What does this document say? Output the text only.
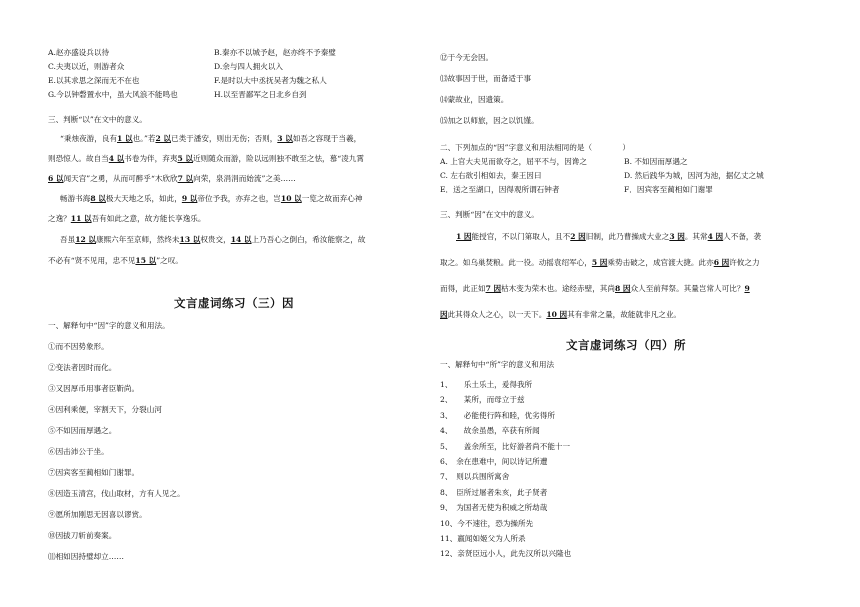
A.赵亦盛设兵以待	B.秦亦不以城予赵，赵亦终不予秦璧
C.夫夷以近，则游者众	D.余与四人拥火以入
E.以其求思之深而无不在也	F.是时以大中丞抚吴者为魏之私人
G.今以钟磬置水中，虽大风浪不能鸣也	H.以至晋鄙军之日北乡自刭
三、判断“以”在文中的意义。
“秉烛夜游，良有1 以也。”若2 以已类于潘安，则出无伤；否则，3 以如吾之容现于当羲，
则恐惊人。故自当4 以书卷为伴，弃夷5 以近则随众而游，险以远则独不敢至之怯，慕“凌九霄
6 以闻天宫”之勇，从而可醉乎“木欣欣7 以向荣，泉涓涓而始流”之美……
畅游书海8 以极大天地之乐，如此，9 以帝位予我，亦弃之也，岂10 以一览之故而弃心神
之逸？11 以吾有如此之意，故方能长享逸乐。
吾虽12 以康熙六年至京师，然终未13 以权贵交，14 以上乃吾心之倒白，希汝能察之，故
不必有“贤不见用，忠不见15 以”之叹。
文言虚词练习（三）因
一、解释句中“因”字的意义和用法。
①而不因势象形。
②变法者因时而化。
③又因厚币用事者臣靳尚。
④因利乘便，宰割天下，分裂山河
⑤不如因而厚遇之。
⑥因击沛公于坐。
⑦因宾客至蔺相如门谢罪。
⑧因造玉清宫，伐山取材，方有人见之。
⑨愿所加刚思无因喜以谬赏。
⑩因拔刀斩前奏案。
⑾相如因持璧却立……
⑫于今无会因。
⒀故事因于世，而备适于事
⒁蒙故业，因遗策。
⒂加之以师旅，因之以饥馑。
二、下列加点的“因”字意义和用法相同的是（　　　　）
A. 上官大夫见而欲夺之，屈平不与，因谗之	B. 不如因而厚遇之
C. 左右欲引相如去，秦王因曰	D. 然后践华为城，因河为池，据亿丈之城
E．送之至湖口，因得观所谓石钟者	F．因宾客至蔺相如门谢罪
三、判断“因”在文中的意义。
1 因能授官，不以门第取人，且不2 因旧制，此乃曹操成大业之3 因。其常4 因人不备，袭
取之。如乌巢焚粮。此一役。动摇袁绍军心，5 因乘势击破之，成官渡大捷。此亦6 因许攸之力
而得，此正如7 因枯木变为荣木也。途经赤壁，其尚8 因众人至前拜祭。其量岂常人可比？9
因此其得众人之心，以一天下。10 因其有非常之量，故能就非凡之业。
文言虚词练习（四）所
一、解释句中“所”字的意义和用法
1、　　乐土乐土，爰得我所
2、　　某所，而母立于兹
3、　　必能使行阵和睦，优劣得所
4、　　故余虽愚，卒获有所闻
5、　　盖余所至，比好游者尚不能十一
6、　余在患难中，间以诗记所遭
7、　则以兵围所寓舍
8、　臣所过屠者朱亥，此子贤者
9、　为国者无使为积威之所劫哉
10、今不速往，恐为操所先
11、嬴闻如姬父为人所杀
12、亲贤臣远小人，此先汉所以兴隆也
